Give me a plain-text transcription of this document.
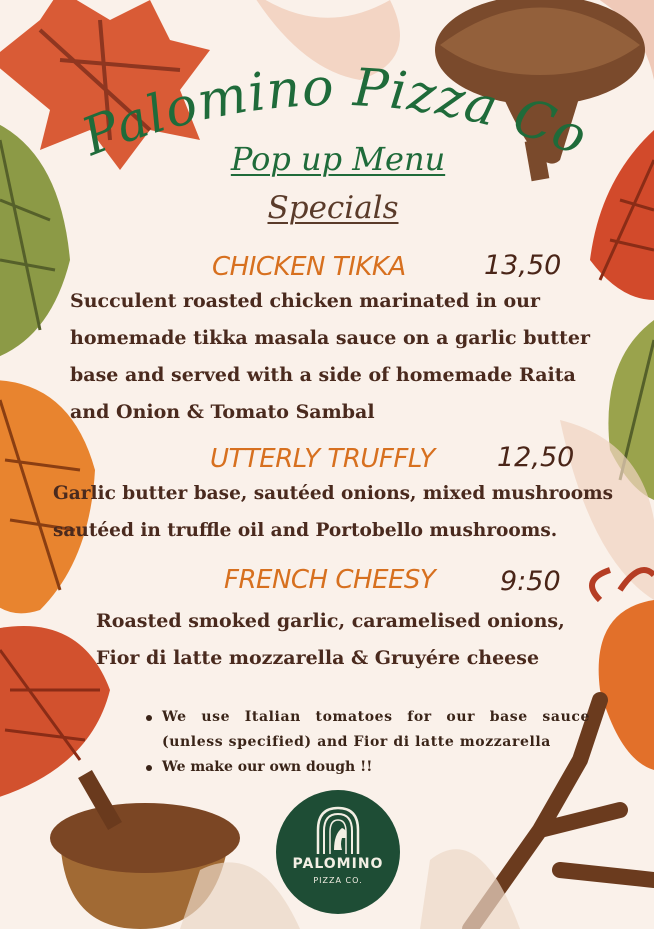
Palomino Pizza Co
Pop up Menu
Specials
CHICKEN TIKKA	13,50
Succulent roasted chicken marinated in our
homemade tikka masala sauce on a garlic butter
base and served with a side of homemade Raita
and Onion & Tomato Sambal
UTTERLY TRUFFLY 12,50
Garlic butter base, sautéed onions, mixed mushrooms
sautéed in truffle oil and Portobello mushrooms.
FRENCH CHEESY 9:50
Roasted smoked garlic, caramelised onions,
Fior di latte mozzarella & Gruyére cheese
We use Italian tomatoes for our base sauce (unless specified) and Fior di latte mozzarella
We make our own dough !!
PALOMINO
PIZZA CO.
